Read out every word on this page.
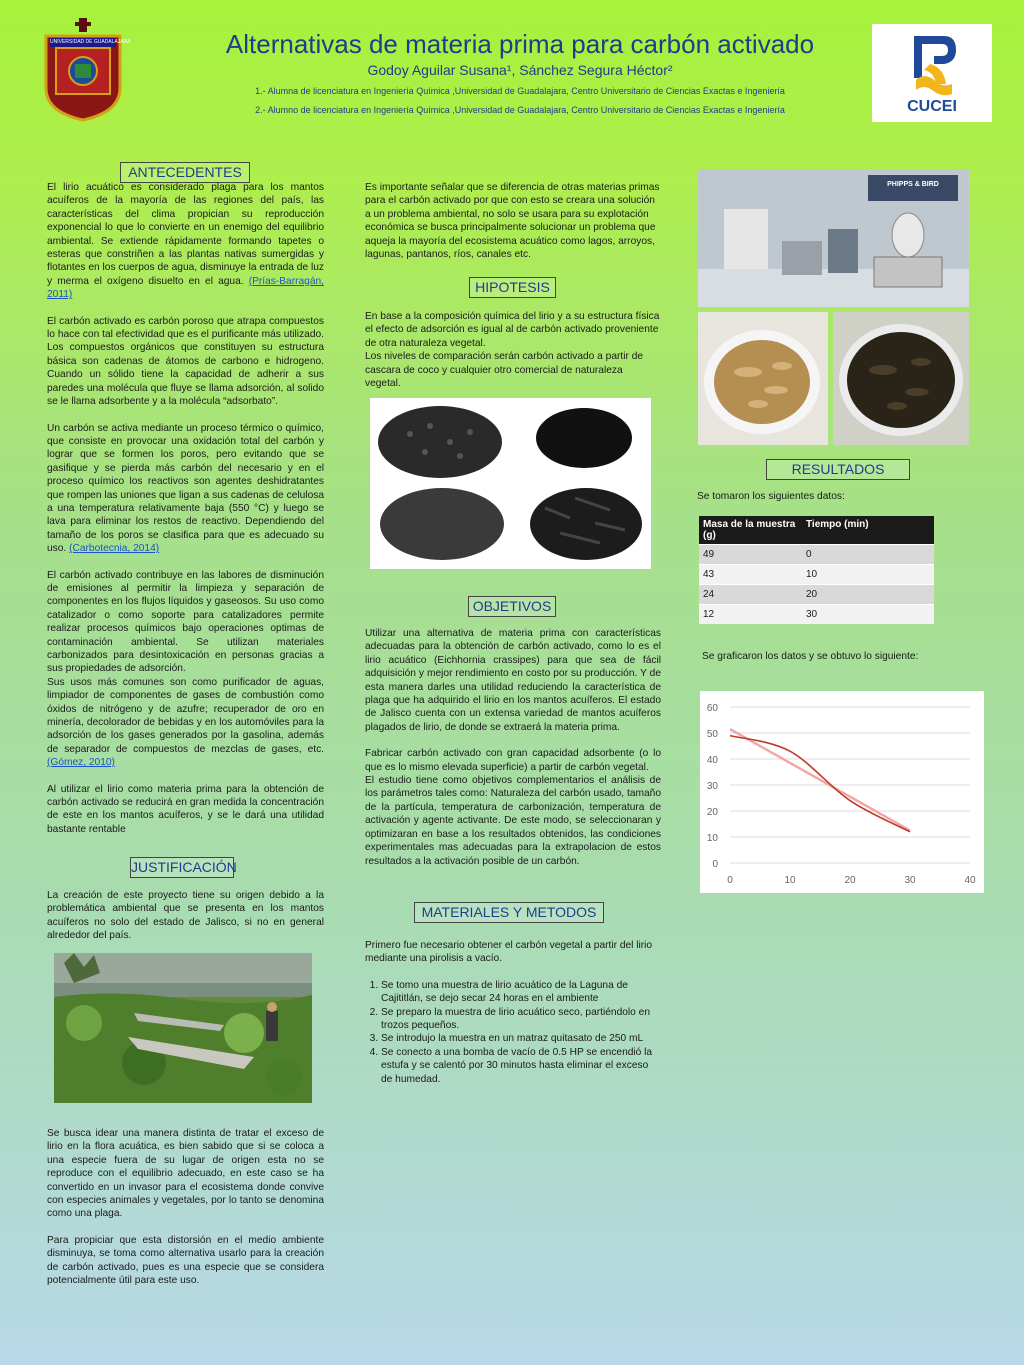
UNIVERSIDAD DE GUADALAJARA	Alternativas de materia prima para carbón activado
Godoy Aguilar Susana¹, Sánchez Segura Héctor²
1.- Alumna de licenciatura en Ingeniería Química ,Universidad de Guadalajara, Centro Universitario de Ciencias Exactas e Ingeniería
2.- Alumno de licenciatura en Ingeniería Química ,Universidad de Guadalajara, Centro Universitario de Ciencias Exactas e Ingeniería	CUCEI
ANTECEDENTES

El lirio acuático es considerado plaga para los mantos acuíferos de la mayoría de las regiones del país, las características del clima propician su reproducción exponencial lo que lo convierte en un enemigo del equilibrio ambiental. Se extiende rápidamente formando tapetes o esteras que constriñen a las plantas nativas sumergidas y flotantes en los cuerpos de agua, disminuye la entrada de luz y merma el oxígeno disuelto en el agua. (Prías-Barragán, 2011)

El carbón activado es carbón poroso que atrapa compuestos lo hace con tal efectividad que es el purificante más utilizado. Los compuestos orgánicos que constituyen su estructura básica son cadenas de átomos de carbono e hidrogeno. Cuando un sólido tiene la capacidad de adherir a sus paredes una molécula que fluye se llama adsorción, al solido se le llama adsorbente y a la molécula “adsorbato”.

Un carbón se activa mediante un proceso térmico o químico, que consiste en provocar una oxidación total del carbón y lograr que se formen los poros, pero evitando que se gasifique y se pierda más carbón del necesario y en el proceso químico los reactivos son agentes deshidratantes que rompen las uniones que ligan a sus cadenas de celulosa a una temperatura relativamente baja (550 °C) y luego se lava para eliminar los restos de reactivo. Dependiendo del tamaño de los poros se clasifica para que es adecuado su uso. (Carbotecnia, 2014)

El carbón activado contribuye en las labores de disminución de emisiones al permitir la limpieza y separación de componentes en los flujos líquidos y gaseosos. Su uso como catalizador o como soporte para catalizadores permite realizar procesos químicos bajo operaciones optimas de contaminación ambiental. Se utilizan materiales carbonizados para desintoxicación en personas gracias a sus propiedades de adsorción.

Sus usos más comunes son como purificador de aguas, limpiador de componentes de gases de combustión como óxidos de nitrógeno y de azufre; recuperador de oro en minería, decolorador de bebidas y en los automóviles para la adsorción de los gases generados por la gasolina, además de separador de compuestos de mezclas de gases, etc. (Gómez, 2010)

Al utilizar el lirio como materia prima para la obtención de carbón activado se reducirá en gran medida la concentración de este en los mantos acuíferos, y se le dará una utilidad bastante rentable

JUSTIFICACIÓN
La creación de este proyecto tiene su origen debido a la problemática ambiental que se presenta en los mantos acuíferos no solo del estado de Jalisco, si no en general alrededor del país.

Se busca idear una manera distinta de tratar el exceso de lirio en la flora acuática, es bien sabido que si se coloca a una especie fuera de su lugar de origen esta no se reproduce con el equilibrio adecuado, en este caso se ha convertido en un invasor para el ecosistema donde convive con especies animales y vegetales, por lo tanto se denomina como una plaga.

Para propiciar que esta distorsión en el medio ambiente disminuya, se toma como alternativa usarlo para la creación de carbón activado, pues es una especie que se considera potencialmente útil para este uso.

Es importante señalar que se diferencia de otras materias primas para el carbón activado por que con esto se creara una solución a un problema ambiental, no solo se usara para su explotación económica se busca principalmente solucionar un problema que aqueja la mayoría del ecosistema acuático como lagos, arroyos, lagunas, pantanos, ríos, canales etc.
HIPOTESIS
En base a la composición química del lirio y a su estructura física el efecto de adsorción es igual al de carbón activado proveniente de otra naturaleza vegetal.
Los niveles de comparación serán carbón activado a partir de cascara de coco y cualquier otro comercial de naturaleza vegetal.
OBJETIVOS

Utilizar una alternativa de materia prima con características adecuadas para la obtención de carbón activado, como lo es el lirio acuático (Eichhornia crassipes) para que sea de fácil adquisición y mejor rendimiento en costo por su producción. Y de esta manera darles una utilidad reduciendo la característica de plaga que ha adquirido el lirio en los mantos acuíferos. El estado de Jalisco cuenta con un extensa variedad de mantos acuíferos plagados de lirio, de donde se extraerá la materia prima.

Fabricar carbón activado con gran capacidad adsorbente (o lo que es lo mismo elevada superficie) a partir de carbón vegetal.
El estudio tiene como objetivos complementarios el análisis de los parámetros tales como: Naturaleza del carbón usado, tamaño de la partícula, temperatura de carbonización, temperatura de activación y agente activante. De este modo, se seleccionaran y optimizaran en base a los resultados obtenidos, las condiciones experimentales mas adecuadas para la extrapolacion de estos resultados a la activación posible de un carbón.
MATERIALES Y METODOS
Primero fue necesario obtener el carbón vegetal a partir del lirio mediante una pirolisis a vacío.
1. Se tomo una muestra de lirio acuático de la Laguna de Cajititlán, se dejo secar 24 horas en el ambiente
2. Se preparo la muestra de lirio acuático seco, partiéndolo en trozos pequeños.
3. Se introdujo la muestra en un matraz quitasato de 250 mL
4. Se conecto a una bomba de vacío de 0.5 HP se encendió la estufa y se calentó por 30 minutos hasta eliminar el exceso de humedad.
PHIPPS & BIRD
RESULTADOS
Se tomaron los siguientes datos:
Masa de la muestra (g)	Tiempo (min)
49	0
43	10
24	20
12	30
Se graficaron los datos y se obtuvo lo siguiente:
0
10
20
30
40
50
60
0	10	20	30	40
